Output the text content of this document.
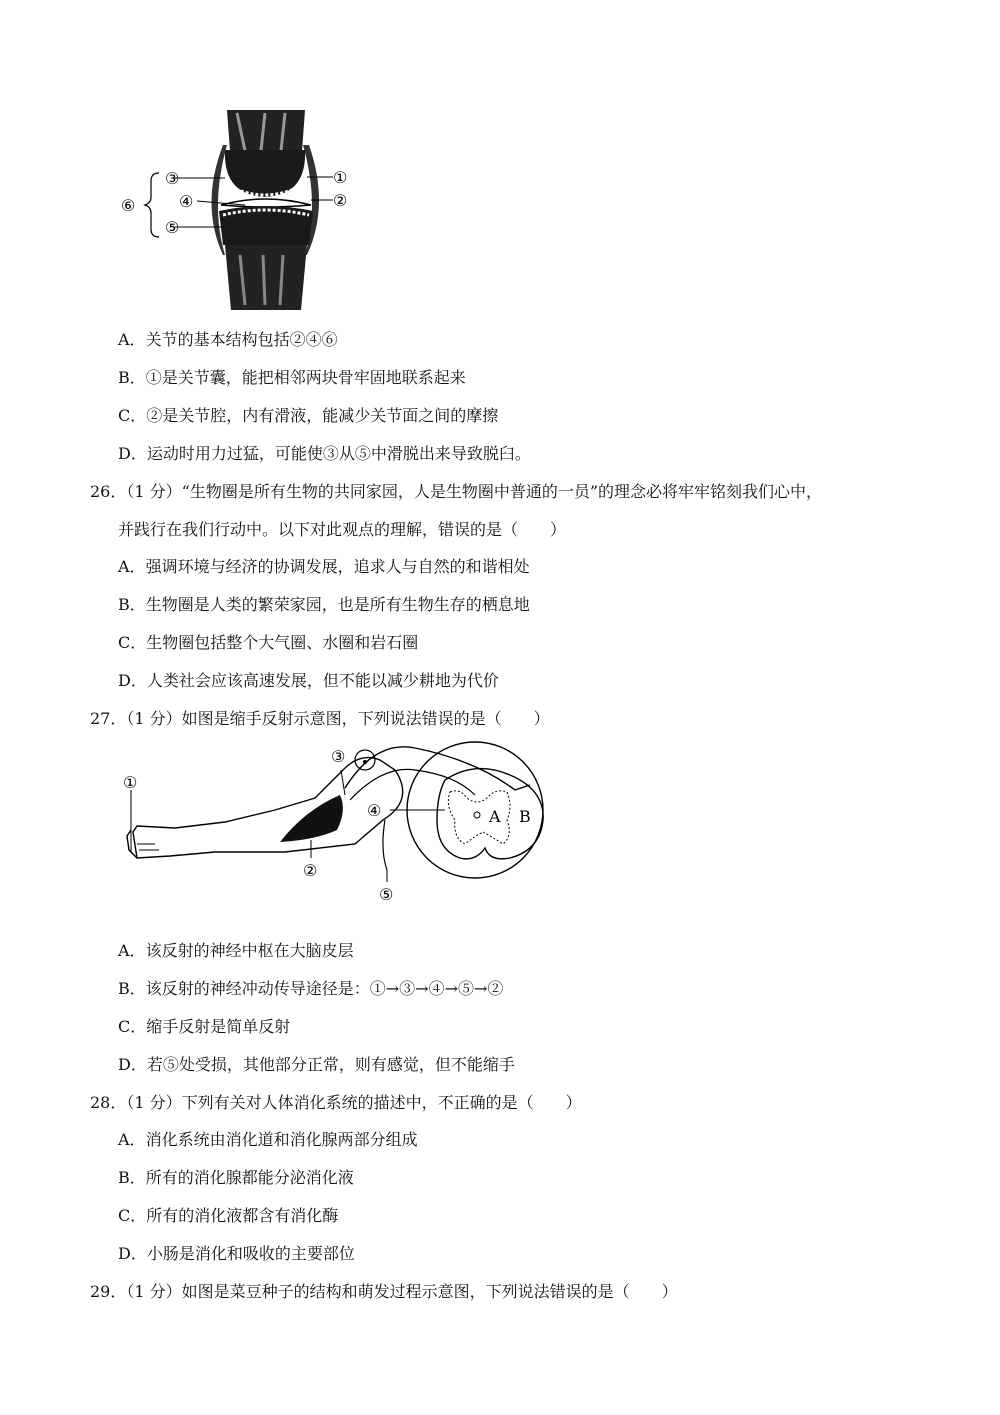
③
④
⑤
⑥
①
②
A．关节的基本结构包括②④⑥
B．①是关节囊，能把相邻两块骨牢固地联系起来
C．②是关节腔，内有滑液，能减少关节面之间的摩擦
D．运动时用力过猛，可能使③从⑤中滑脱出来导致脱臼。
26．（1 分）“生物圈是所有生物的共同家园，人是生物圈中普通的一员”的理念必将牢牢铭刻我们心中，
并践行在我们行动中。以下对此观点的理解，错误的是（　　）
A．强调环境与经济的协调发展，追求人与自然的和谐相处
B．生物圈是人类的繁荣家园，也是所有生物生存的栖息地
C．生物圈包括整个大气圈、水圈和岩石圈
D．人类社会应该高速发展，但不能以减少耕地为代价
27．（1 分）如图是缩手反射示意图，下列说法错误的是（　　）
①
②
③
④
⑤
A B
A．该反射的神经中枢在大脑皮层
B．该反射的神经冲动传导途径是：①→③→④→⑤→②
C．缩手反射是简单反射
D．若⑤处受损，其他部分正常，则有感觉，但不能缩手
28．（1 分）下列有关对人体消化系统的描述中，不正确的是（　　）
A．消化系统由消化道和消化腺两部分组成
B．所有的消化腺都能分泌消化液
C．所有的消化液都含有消化酶
D．小肠是消化和吸收的主要部位
29．（1 分）如图是菜豆种子的结构和萌发过程示意图，下列说法错误的是（　　）
